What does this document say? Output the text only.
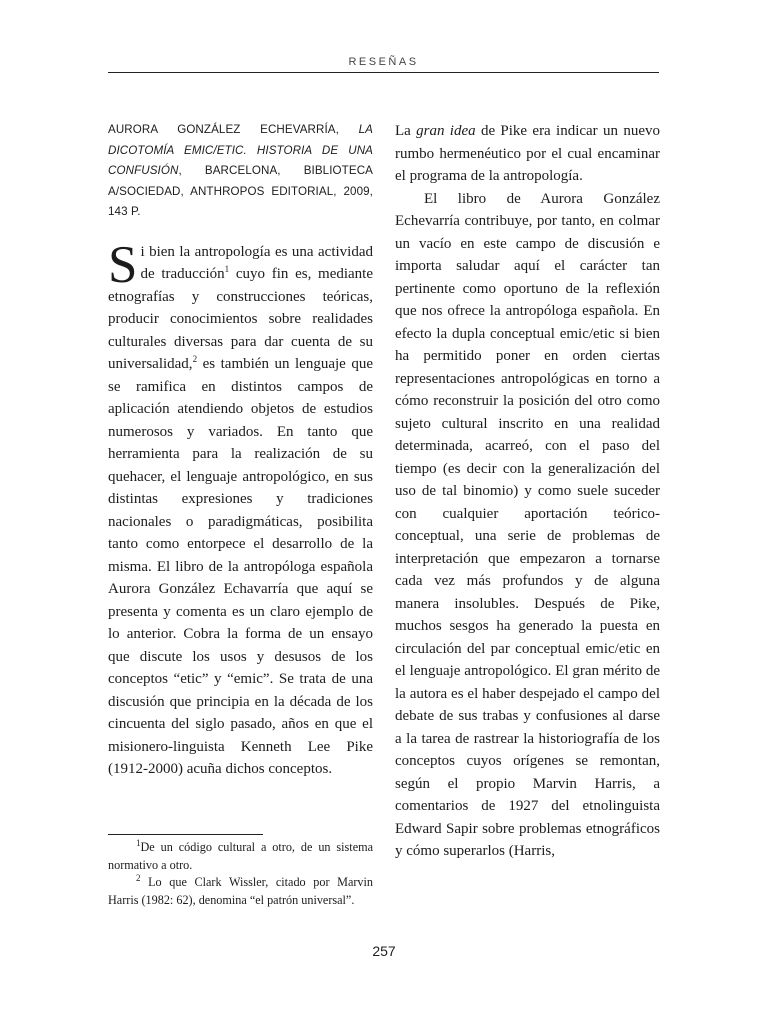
RESEÑAS

AURORA GONZÁLEZ ECHEVARRÍA, LA DICOTOMÍA EMIC/ETIC. HISTORIA DE UNA CONFUSIÓN, BARCELONA, BIBLIOTECA A/SOCIEDAD, ANTHROPOS EDITORIAL, 2009, 143 P.

Si bien la antropología es una actividad de traducción$^1$ cuyo fin es, mediante etnografías y construcciones teóricas, producir conocimientos sobre realidades culturales diversas para dar cuenta de su universalidad,$^2$ es también un lenguaje que se ramifica en distintos campos de aplicación atendiendo objetos de estudios numerosos y variados. En tanto que herramienta para la realización de su quehacer, el lenguaje antropológico, en sus distintas expresiones y tradiciones nacionales o paradigmáticas, posibilita tanto como entorpece el desarrollo de la misma. El libro de la antropóloga española Aurora González Echavarría que aquí se presenta y comenta es un claro ejemplo de lo anterior. Cobra la forma de un ensayo que discute los usos y desusos de los conceptos “etic” y “emic”. Se trata de una discusión que principia en la década de los cincuenta del siglo pasado, años en que el misionero-linguista Kenneth Lee Pike (1912-2000) acuña dichos conceptos.

$^1$De un código cultural a otro, de un sistema normativo a otro.

$^2$ Lo que Clark Wissler, citado por Marvin Harris (1982: 62), denomina “el patrón universal”.

La gran idea de Pike era indicar un nuevo rumbo hermenéutico por el cual encaminar el programa de la antropología.

El libro de Aurora González Echevarría contribuye, por tanto, en colmar un vacío en este campo de discusión e importa saludar aquí el carácter tan pertinente como oportuno de la reflexión que nos ofrece la antropóloga española. En efecto la dupla conceptual emic/etic si bien ha permitido poner en orden ciertas representaciones antropológicas en torno a cómo reconstruir la posición del otro como sujeto cultural inscrito en una realidad determinada, acarreó, con el paso del tiempo (es decir con la generalización del uso de tal binomio) y como suele suceder con cualquier aportación teórico-conceptual, una serie de problemas de interpretación que empezaron a tornarse cada vez más profundos y de alguna manera insolubles. Después de Pike, muchos sesgos ha generado la puesta en circulación del par conceptual emic/etic en el lenguaje antropológico. El gran mérito de la autora es el haber despejado el campo del debate de sus trabas y confusiones al darse a la tarea de rastrear la historiografía de los conceptos cuyos orígenes se remontan, según el propio Marvin Harris, a comentarios de 1927 del etnolinguista Edward Sapir sobre problemas etnográficos y cómo superarlos (Harris,

257
